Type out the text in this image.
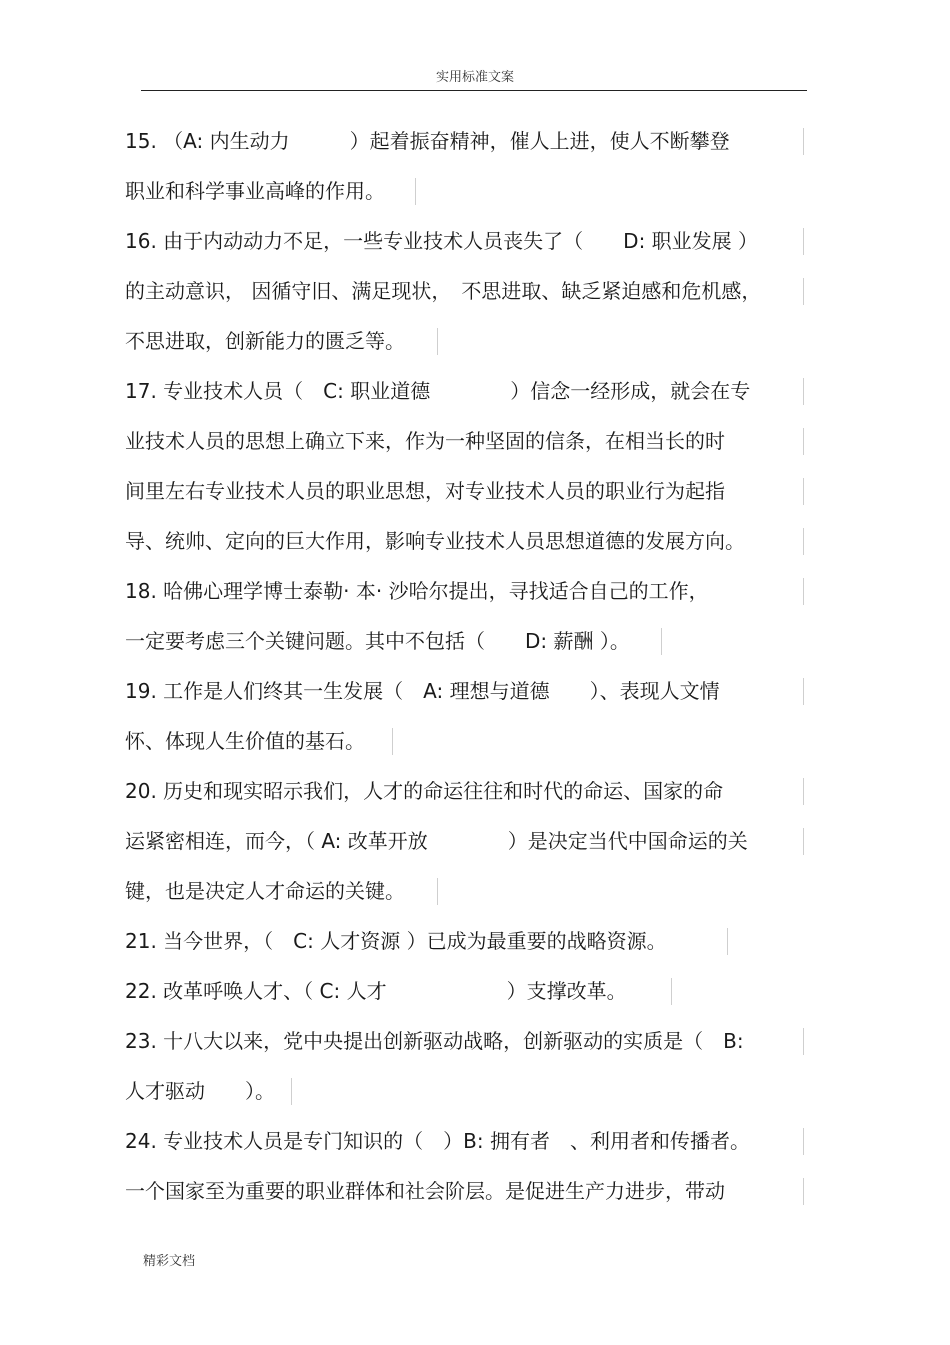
实用标准文案
15. （A: 内生动力　　　）起着振奋精神，催人上进，使人不断攀登
职业和科学事业高峰的作用。
16. 由于内动动力不足，一些专业技术人员丧失了（　　D: 职业发展 ）
的主动意识， 因循守旧、满足现状，　不思进取、缺乏紧迫感和危机感，
不思进取，创新能力的匮乏等。
17. 专业技术人员（　C: 职业道德　　　　）信念一经形成，就会在专
业技术人员的思想上确立下来，作为一种坚固的信条，在相当长的时
间里左右专业技术人员的职业思想，对专业技术人员的职业行为起指
导、统帅、定向的巨大作用，影响专业技术人员思想道德的发展方向。
18. 哈佛心理学博士泰勒· 本· 沙哈尔提出，寻找适合自己的工作，
一定要考虑三个关键问题。其中不包括（　　D: 薪酬 ）。
19. 工作是人们终其一生发展（　A: 理想与道德　　）、表现人文情
怀、体现人生价值的基石。
20. 历史和现实昭示我们，人才的命运往往和时代的命运、国家的命
运紧密相连，而今，（ A: 改革开放　　　　）是决定当代中国命运的关
键，也是决定人才命运的关键。
21. 当今世界，（　C: 人才资源 ）已成为最重要的战略资源。
22. 改革呼唤人才、（ C: 人才　　　　　　）支撑改革。
23. 十八大以来，党中央提出创新驱动战略，创新驱动的实质是（　B:
人才驱动　　）。
24. 专业技术人员是专门知识的（　）B: 拥有者　、利用者和传播者。
一个国家至为重要的职业群体和社会阶层。是促进生产力进步，带动
精彩文档
